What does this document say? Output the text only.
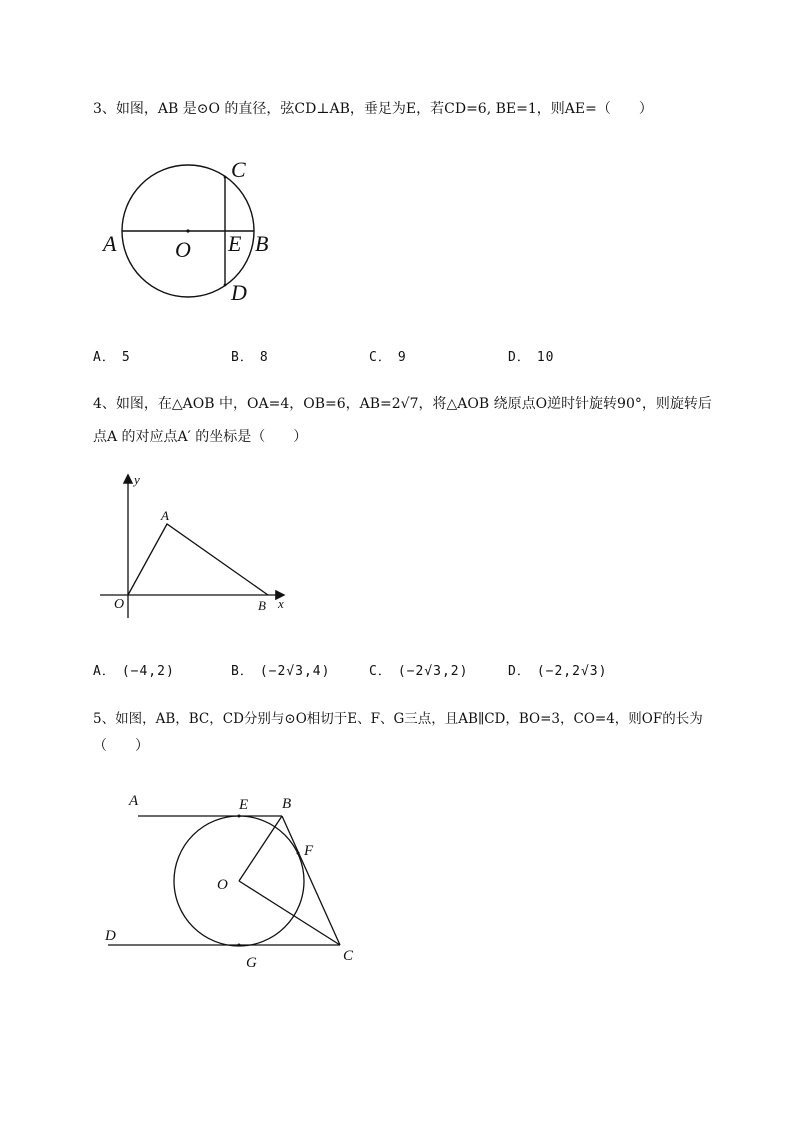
3、如图，AB 是⊙O 的直径，弦CD⊥AB，垂足为E，若CD=6, BE=1，则AE=（　　）
A	O E B
C
D
A． 5	B． 8	C． 9	D． 10
4、如图，在△AOB 中，OA=4，OB=6，AB=2√7，将△AOB 绕原点O逆时针旋转90°，则旋转后
点A 的对应点A′ 的坐标是（　　）
y
x
A
O	B
A． (−4,2)	B． (−2√3,4)	C． (−2√3,2)	D． (−2,2√3)
5、如图，AB，BC，CD分别与⊙O相切于E、F、G三点，且AB∥CD，BO=3，CO=4，则OF的长为
（　　）
A	E B
F
O
D
G	C
